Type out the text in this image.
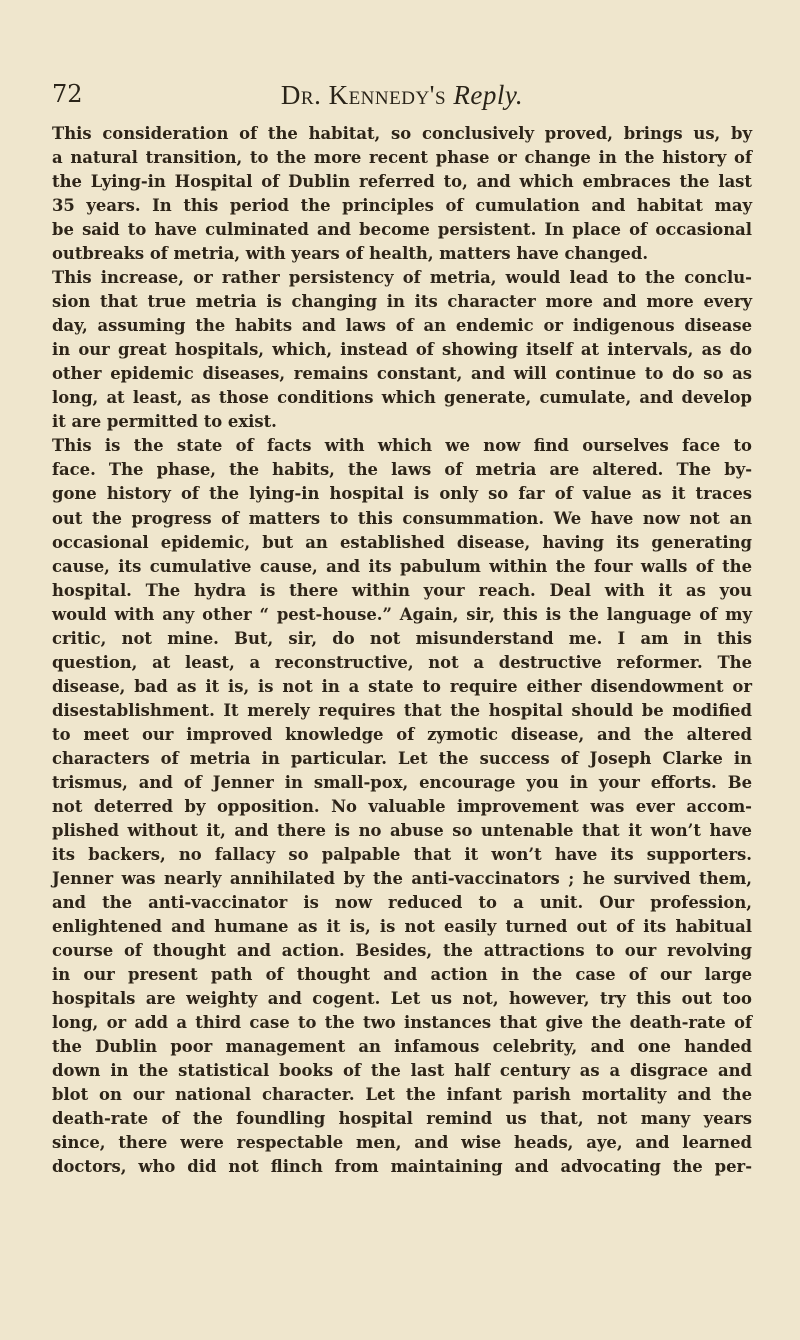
72	Dr. Kennedy's Reply.
This consideration of the habitat, so conclusively proved, brings us, by
a natural transition, to the more recent phase or change in the history of
the Lying-in Hospital of Dublin referred to, and which embraces the last
35 years. In this period the principles of cumulation and habitat may
be said to have culminated and become persistent. In place of occasional
outbreaks of metria, with years of health, matters have changed.
This increase, or rather persistency of metria, would lead to the conclu-
sion that true metria is changing in its character more and more every
day, assuming the habits and laws of an endemic or indigenous disease
in our great hospitals, which, instead of showing itself at intervals, as do
other epidemic diseases, remains constant, and will continue to do so as
long, at least, as those conditions which generate, cumulate, and develop
it are permitted to exist.
This is the state of facts with which we now find ourselves face to
face. The phase, the habits, the laws of metria are altered. The by-
gone history of the lying-in hospital is only so far of value as it traces
out the progress of matters to this consummation. We have now not an
occasional epidemic, but an established disease, having its generating
cause, its cumulative cause, and its pabulum within the four walls of the
hospital. The hydra is there within your reach. Deal with it as you
would with any other “ pest-house.” Again, sir, this is the language of my
critic, not mine. But, sir, do not misunderstand me. I am in this
question, at least, a reconstructive, not a destructive reformer. The
disease, bad as it is, is not in a state to require either disendowment or
disestablishment. It merely requires that the hospital should be modified
to meet our improved knowledge of zymotic disease, and the altered
characters of metria in particular. Let the success of Joseph Clarke in
trismus, and of Jenner in small-pox, encourage you in your efforts. Be
not deterred by opposition. No valuable improvement was ever accom-
plished without it, and there is no abuse so untenable that it won’t have
its backers, no fallacy so palpable that it won’t have its supporters.
Jenner was nearly annihilated by the anti-vaccinators ; he survived them,
and the anti-vaccinator is now reduced to a unit. Our profession,
enlightened and humane as it is, is not easily turned out of its habitual
course of thought and action. Besides, the attractions to our revolving
in our present path of thought and action in the case of our large
hospitals are weighty and cogent. Let us not, however, try this out too
long, or add a third case to the two instances that give the death-rate of
the Dublin poor management an infamous celebrity, and one handed
down in the statistical books of the last half century as a disgrace and
blot on our national character. Let the infant parish mortality and the
death-rate of the foundling hospital remind us that, not many years
since, there were respectable men, and wise heads, aye, and learned
doctors, who did not flinch from maintaining and advocating the per-
